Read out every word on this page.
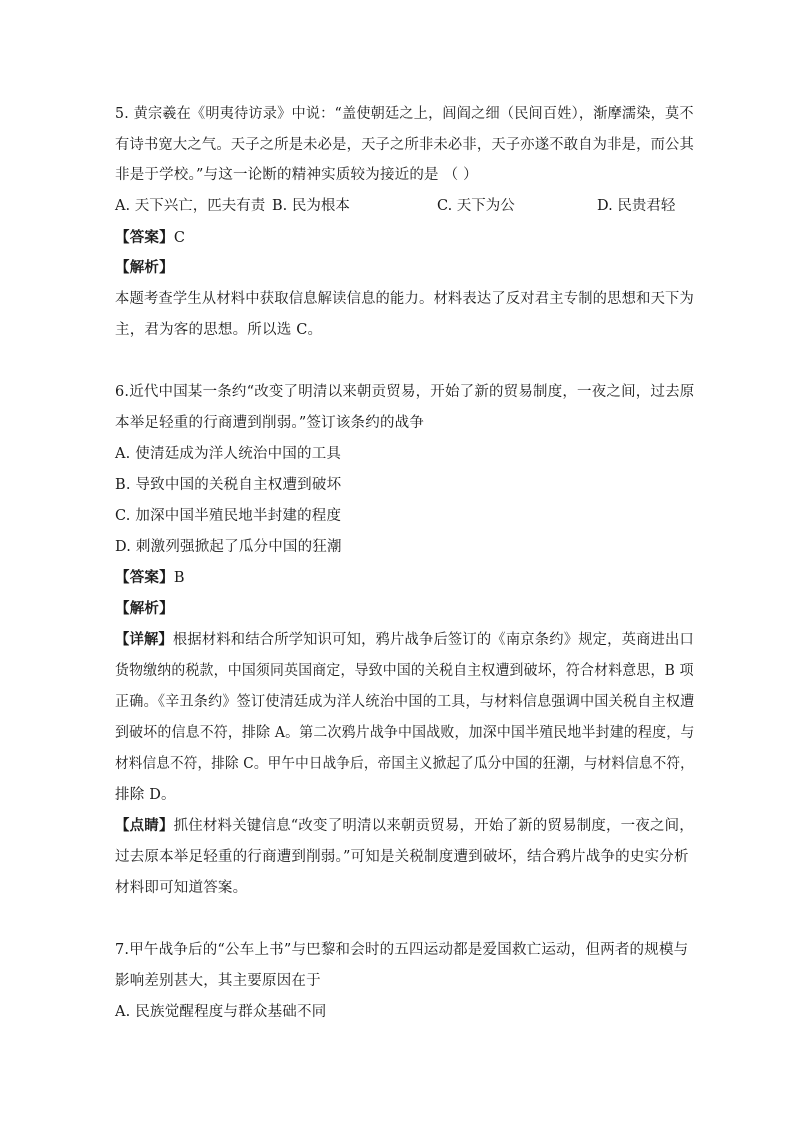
5. 黄宗羲在《明夷待访录》中说：“盖使朝廷之上，闾阎之细（民间百姓），渐摩濡染，莫不
有诗书宽大之气。天子之所是未必是，天子之所非未必非，天子亦遂不敢自为非是，而公其
非是于学校。”与这一论断的精神实质较为接近的是 （ ）
A. 天下兴亡，匹夫有责 B. 民为根本	C. 天下为公	D. 民贵君轻
【答案】C
【解析】
本题考查学生从材料中获取信息解读信息的能力。材料表达了反对君主专制的思想和天下为
主，君为客的思想。所以选 C。
6.近代中国某一条约“改变了明清以来朝贡贸易，开始了新的贸易制度，一夜之间，过去原
本举足轻重的行商遭到削弱。”签订该条约的战争
A. 使清廷成为洋人统治中国的工具
B. 导致中国的关税自主权遭到破坏
C. 加深中国半殖民地半封建的程度
D. 刺激列强掀起了瓜分中国的狂潮
【答案】B
【解析】
【详解】根据材料和结合所学知识可知，鸦片战争后签订的《南京条约》规定，英商进出口
货物缴纳的税款，中国须同英国商定，导致中国的关税自主权遭到破坏，符合材料意思，B 项
正确。《辛丑条约》签订使清廷成为洋人统治中国的工具，与材料信息强调中国关税自主权遭
到破坏的信息不符，排除 A。第二次鸦片战争中国战败，加深中国半殖民地半封建的程度，与
材料信息不符，排除 C。甲午中日战争后，帝国主义掀起了瓜分中国的狂潮，与材料信息不符，
排除 D。
【点睛】抓住材料关键信息“改变了明清以来朝贡贸易，开始了新的贸易制度，一夜之间，
过去原本举足轻重的行商遭到削弱。”可知是关税制度遭到破坏，结合鸦片战争的史实分析
材料即可知道答案。
7.甲午战争后的“公车上书”与巴黎和会时的五四运动都是爱国救亡运动，但两者的规模与
影响差别甚大，其主要原因在于
A. 民族觉醒程度与群众基础不同
